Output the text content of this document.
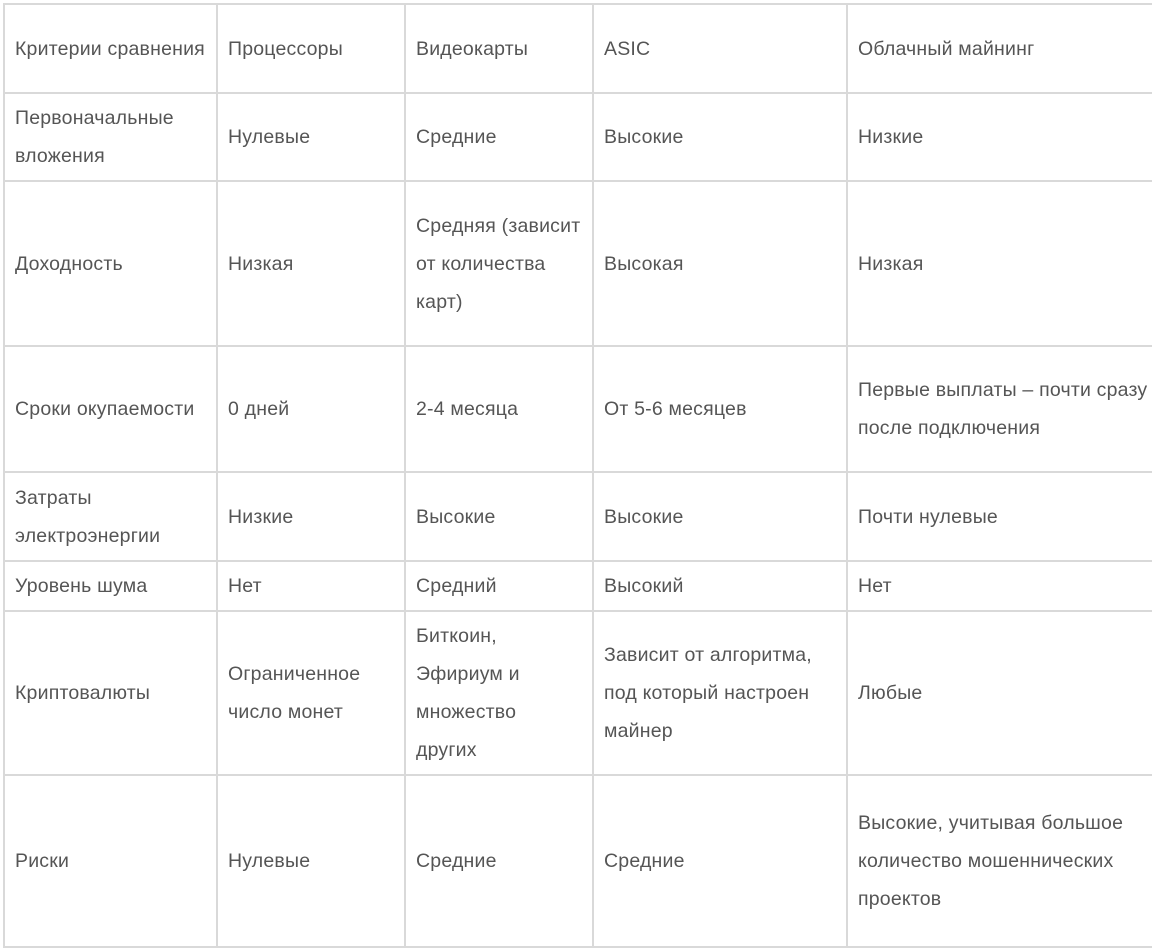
Критерии сравнения	Процессоры	Видеокарты	ASIC	Облачный майнинг
Первоначальные вложения	Нулевые	Средние	Высокие	Низкие
Доходность	Низкая	Средняя (зависит от количества карт)	Высокая	Низкая
Сроки окупаемости	0 дней	2-4 месяца	От 5-6 месяцев	Первые выплаты – почти сразу после подключения
Затраты электроэнергии	Низкие	Высокие	Высокие	Почти нулевые
Уровень шума	Нет	Средний	Высокий	Нет
Криптовалюты	Ограниченное число монет	Биткоин, Эфириум и множество других	Зависит от алгоритма, под который настроен майнер	Любые
Риски	Нулевые	Средние	Средние	Высокие, учитывая большое количество мошеннических проектов
